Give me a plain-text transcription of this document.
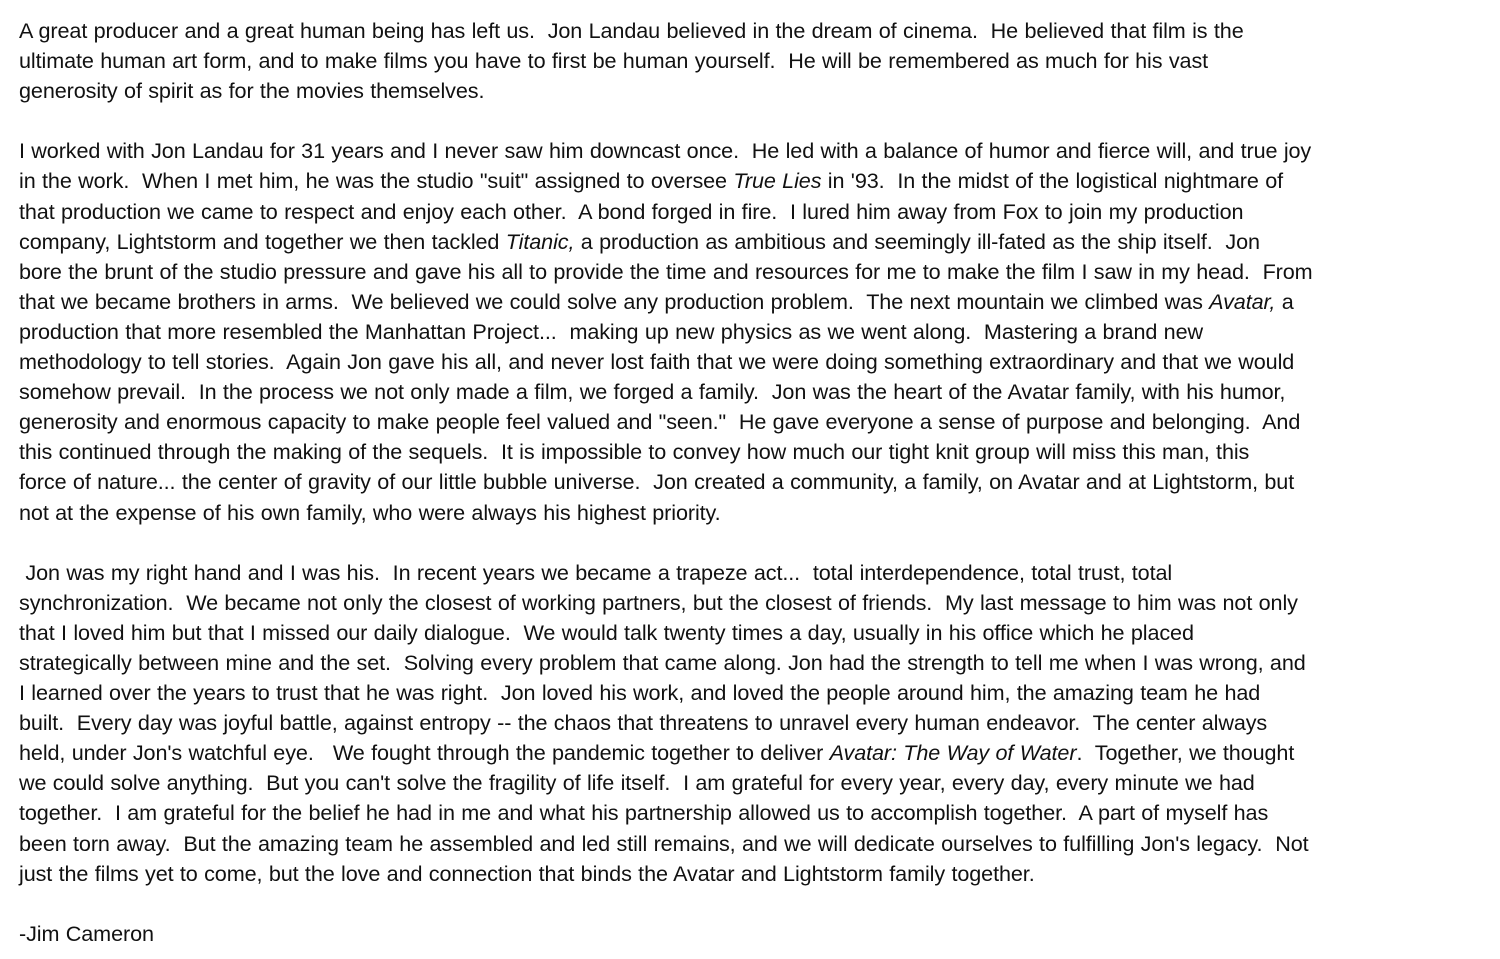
A great producer and a great human being has left us.  Jon Landau believed in the dream of cinema.  He believed that film is the
ultimate human art form, and to make films you have to first be human yourself.  He will be remembered as much for his vast
generosity of spirit as for the movies themselves.
I worked with Jon Landau for 31 years and I never saw him downcast once.  He led with a balance of humor and fierce will, and true joy
in the work.  When I met him, he was the studio "suit" assigned to oversee True Lies in '93.  In the midst of the logistical nightmare of
that production we came to respect and enjoy each other.  A bond forged in fire.  I lured him away from Fox to join my production
company, Lightstorm and together we then tackled Titanic, a production as ambitious and seemingly ill-fated as the ship itself.  Jon
bore the brunt of the studio pressure and gave his all to provide the time and resources for me to make the film I saw in my head.  From
that we became brothers in arms.  We believed we could solve any production problem.  The next mountain we climbed was Avatar, a
production that more resembled the Manhattan Project...  making up new physics as we went along.  Mastering a brand new
methodology to tell stories.  Again Jon gave his all, and never lost faith that we were doing something extraordinary and that we would
somehow prevail.  In the process we not only made a film, we forged a family.  Jon was the heart of the Avatar family, with his humor,
generosity and enormous capacity to make people feel valued and "seen."  He gave everyone a sense of purpose and belonging.  And
this continued through the making of the sequels.  It is impossible to convey how much our tight knit group will miss this man, this
force of nature... the center of gravity of our little bubble universe.  Jon created a community, a family, on Avatar and at Lightstorm, but
not at the expense of his own family, who were always his highest priority.
Jon was my right hand and I was his.  In recent years we became a trapeze act...  total interdependence, total trust, total
synchronization.  We became not only the closest of working partners, but the closest of friends.  My last message to him was not only
that I loved him but that I missed our daily dialogue.  We would talk twenty times a day, usually in his office which he placed
strategically between mine and the set.  Solving every problem that came along. Jon had the strength to tell me when I was wrong, and
I learned over the years to trust that he was right.  Jon loved his work, and loved the people around him, the amazing team he had
built.  Every day was joyful battle, against entropy -- the chaos that threatens to unravel every human endeavor.  The center always
held, under Jon's watchful eye.   We fought through the pandemic together to deliver Avatar: The Way of Water.  Together, we thought
we could solve anything.  But you can't solve the fragility of life itself.  I am grateful for every year, every day, every minute we had
together.  I am grateful for the belief he had in me and what his partnership allowed us to accomplish together.  A part of myself has
been torn away.  But the amazing team he assembled and led still remains, and we will dedicate ourselves to fulfilling Jon's legacy.  Not
just the films yet to come, but the love and connection that binds the Avatar and Lightstorm family together.
-Jim Cameron
